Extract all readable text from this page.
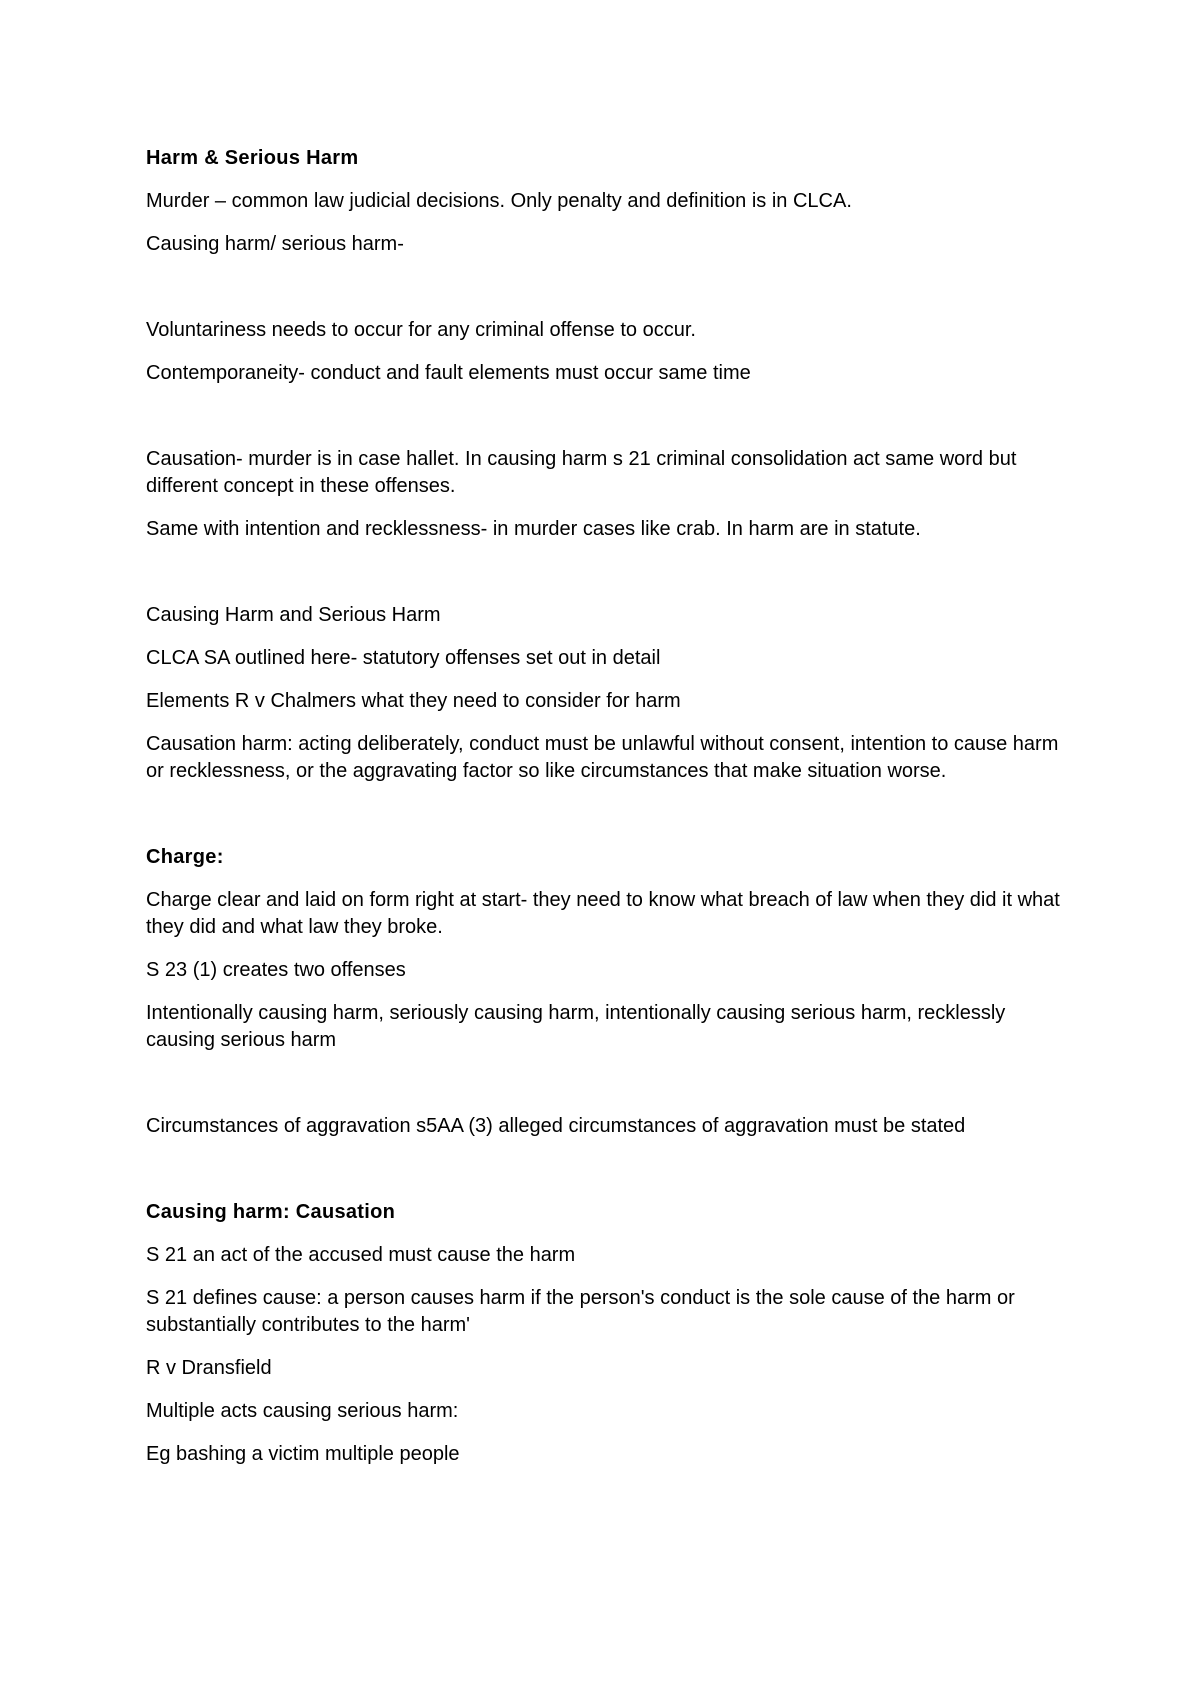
Harm & Serious Harm

Murder – common law judicial decisions. Only penalty and definition is in CLCA.

Causing harm/ serious harm-

Voluntariness needs to occur for any criminal offense to occur.

Contemporaneity- conduct and fault elements must occur same time

Causation- murder is in case hallet. In causing harm s 21 criminal consolidation act same word but different concept in these offenses.

Same with intention and recklessness- in murder cases like crab. In harm are in statute.

Causing Harm and Serious Harm

CLCA SA outlined here- statutory offenses set out in detail

Elements R v Chalmers what they need to consider for harm

Causation harm: acting deliberately, conduct must be unlawful without consent, intention to cause harm or recklessness, or the aggravating factor so like circumstances that make situation worse.

Charge:

Charge clear and laid on form right at start- they need to know what breach of law when they did it what they did and what law they broke.

S 23 (1) creates two offenses

Intentionally causing harm, seriously causing harm, intentionally causing serious harm, recklessly causing serious harm

Circumstances of aggravation s5AA (3) alleged circumstances of aggravation must be stated

Causing harm: Causation

S 21 an act of the accused must cause the harm

S 21 defines cause: a person causes harm if the person's conduct is the sole cause of the harm or substantially contributes to the harm'

R v Dransfield

Multiple acts causing serious harm:

Eg bashing a victim multiple people
